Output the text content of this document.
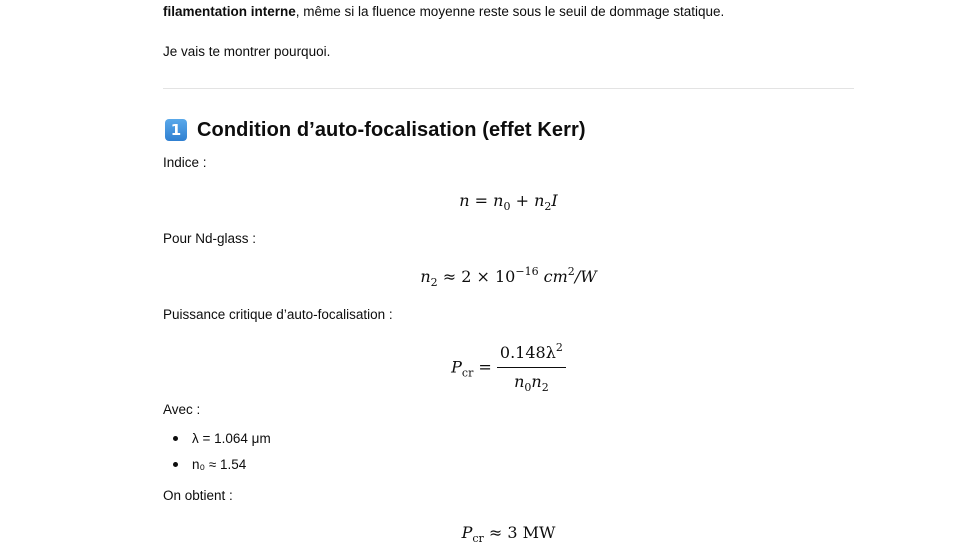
filamentation interne, même si la fluence moyenne reste sous le seuil de dommage statique.

Je vais te montrer pourquoi.

1 Condition d’auto-focalisation (effet Kerr)

Indice :

$n = n_0 + n_2I$

Pour Nd-glass :

$n_2 \approx 2 \times 10^{-16}$ $cm^2/W$

Puissance critique d’auto-focalisation :

$P_{cr} = \frac{0.148\lambda^2}{n_0n_2}$

Avec :

λ = 1.064 μm
n₀ ≈ 1.54

On obtient :

$P_{cr} \approx 3$ MW
